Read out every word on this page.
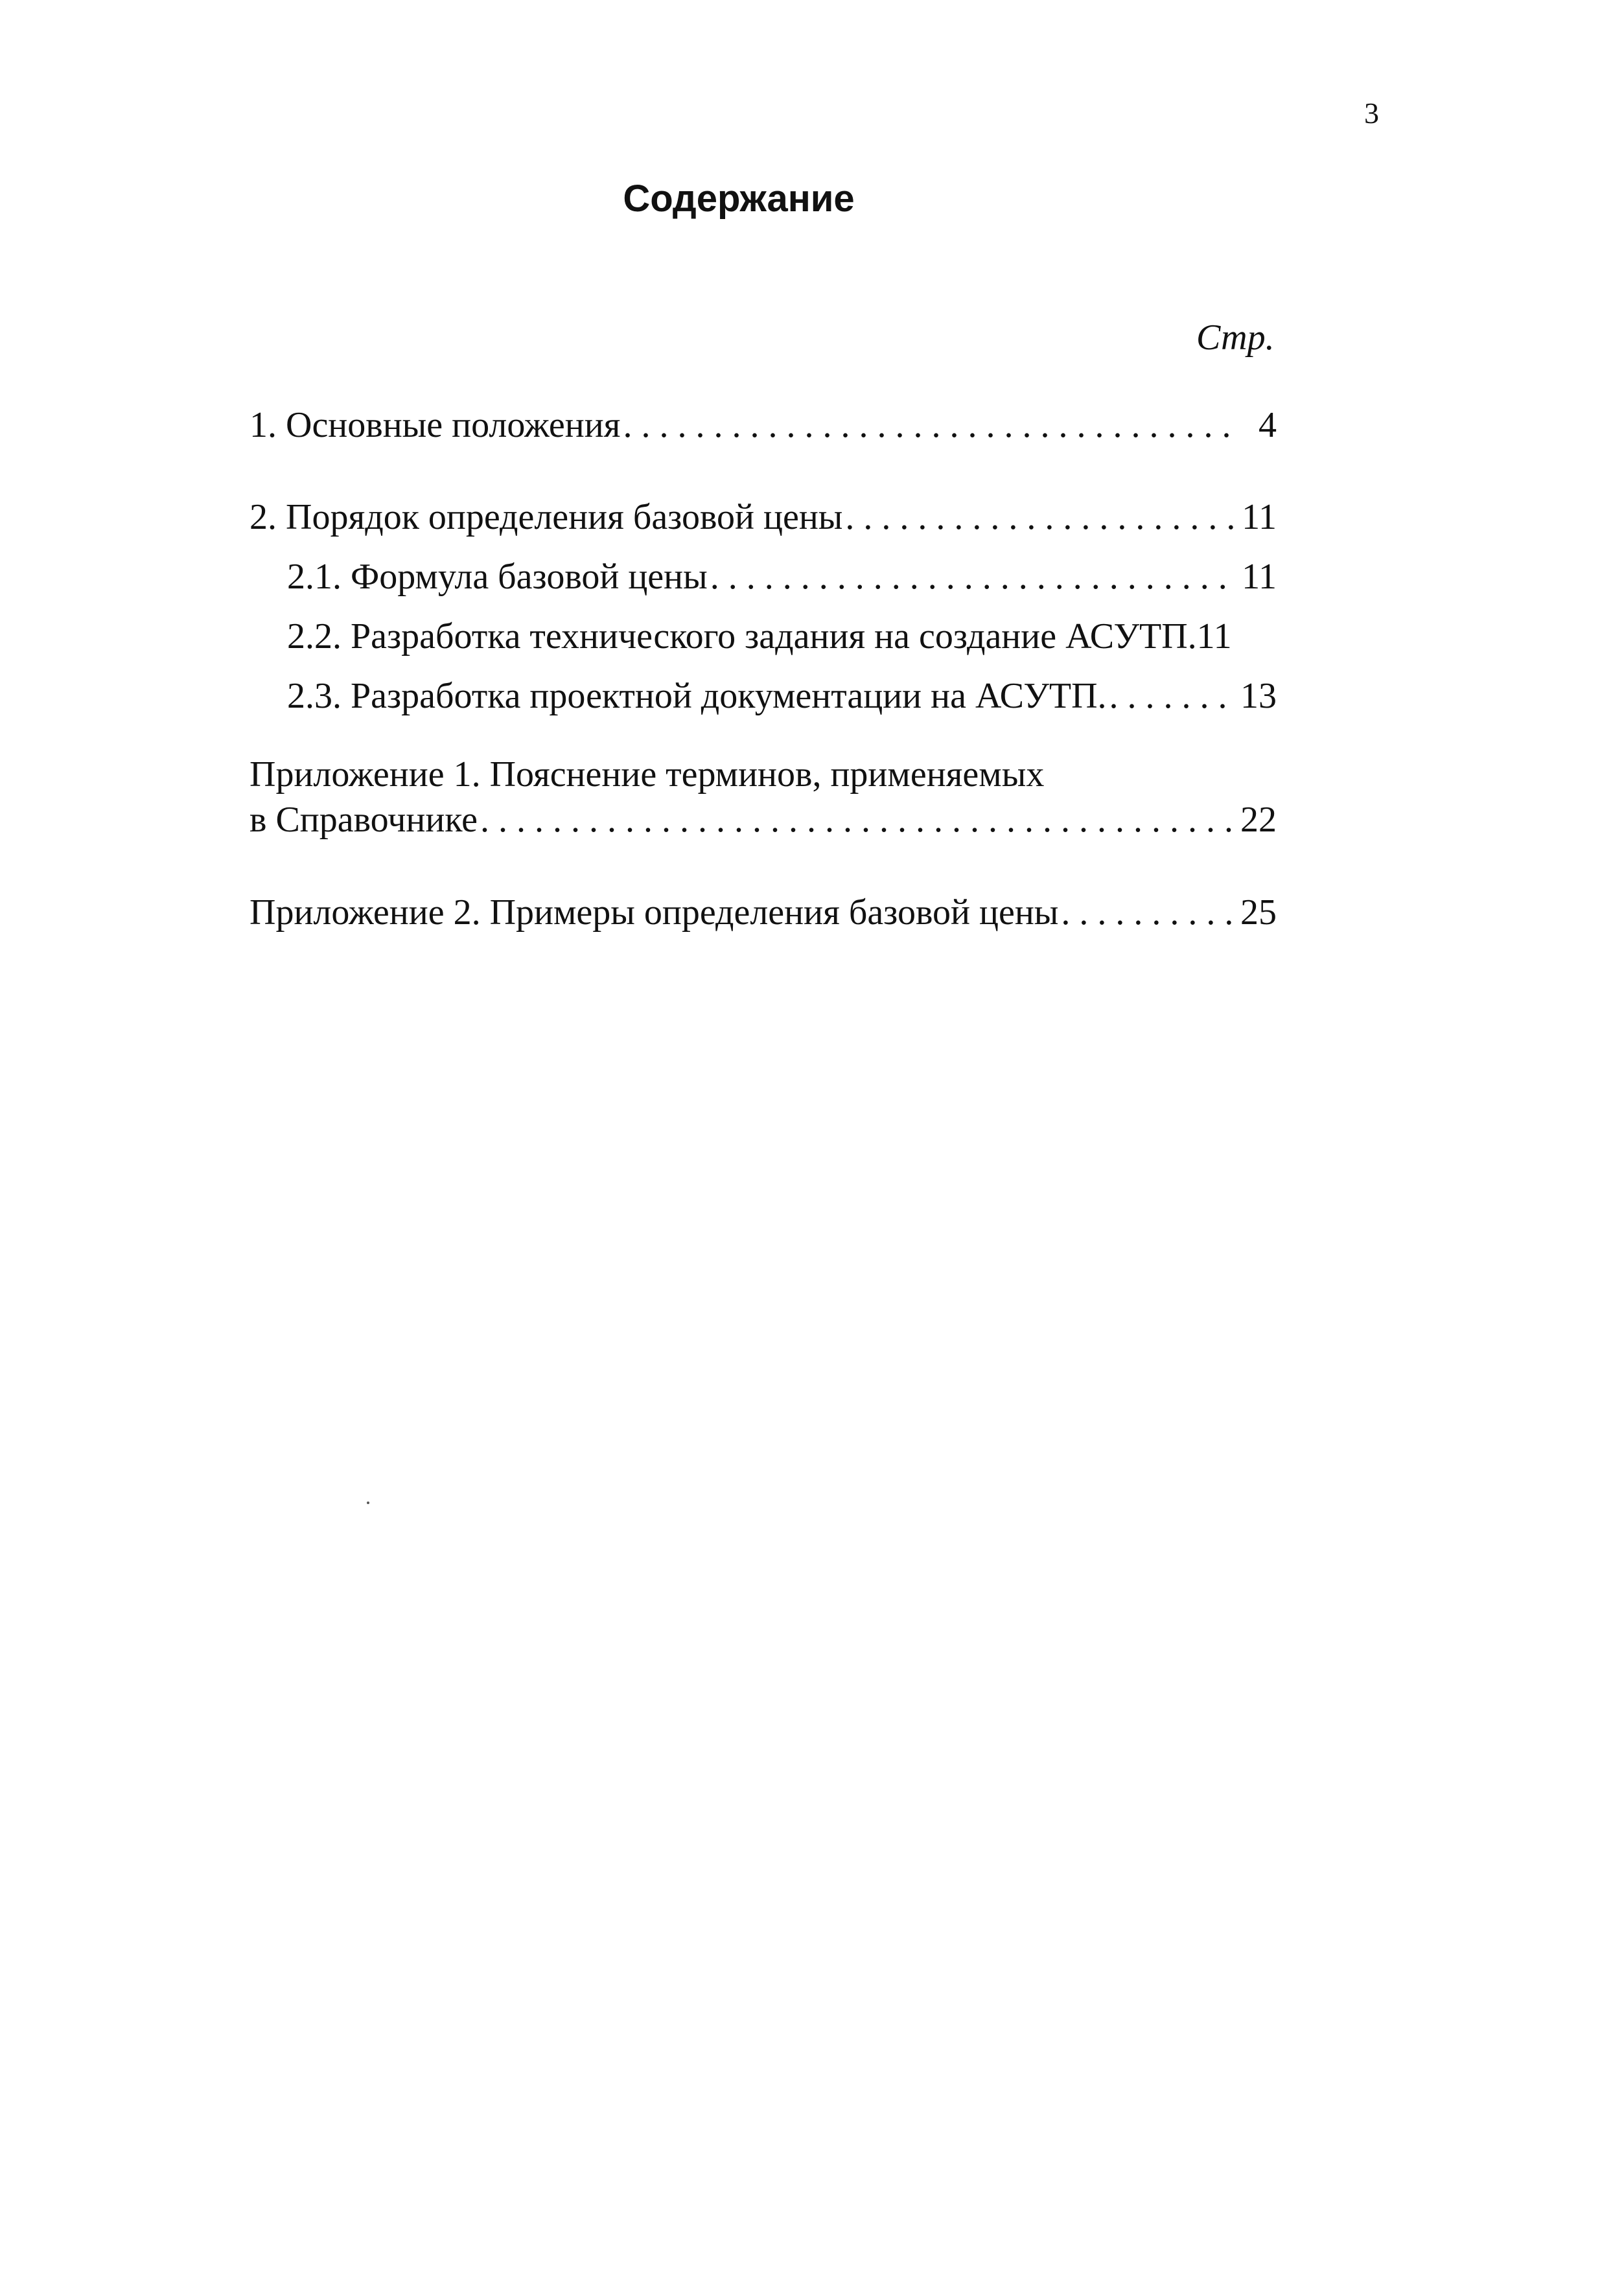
3
Содержание
Стр.
1. Основные положения . . .	4
2. Порядок определения базовой цены . . .	11
2.1. Формула базовой цены . . .	11
2.2. Разработка технического задания на создание АСУТП. 11
2.3. Разработка проектной документации на АСУТП. . . .	13
Приложение 1. Пояснение терминов, применяемых
в Справочнике . . .	22
Приложение 2. Примеры определения базовой цены . . .	25
